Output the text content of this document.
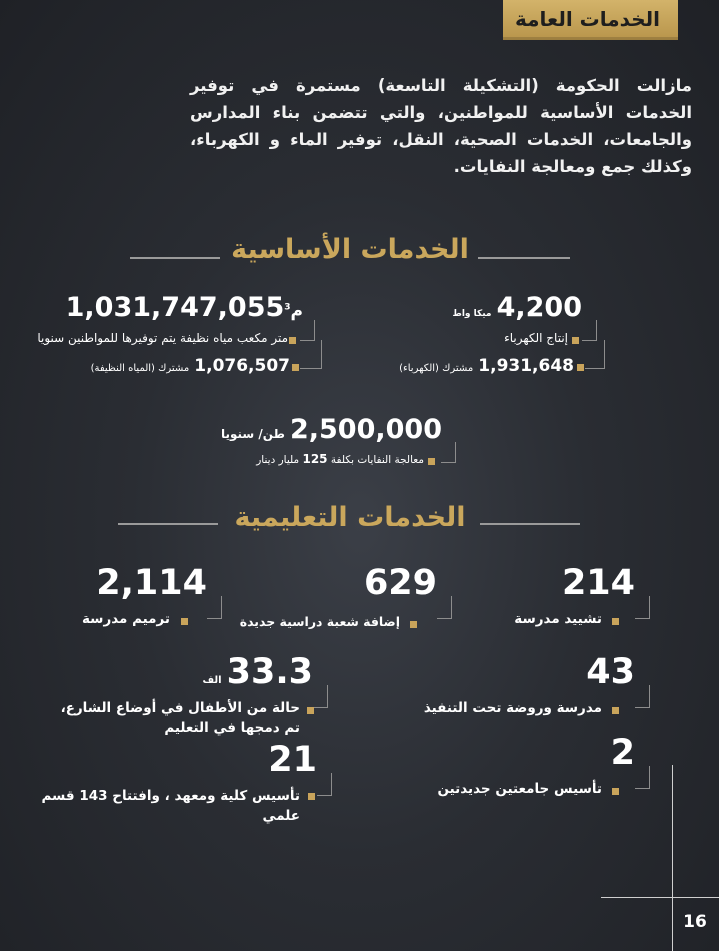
الخدمات العامة
مازالت الحكومة (التشكيلة التاسعة) مستمرة في توفير الخدمات الأساسية للمواطنين، والتي تتضمن بناء المدارس والجامعات، الخدمات الصحية، النقل، توفير الماء و الكهرباء، وكذلك جمع ومعالجة النفايات.
الخدمات الأساسية
1,031,747,055 م$^3$
متر مكعب مياه نظيفة يتم توفيرها للمواطنين سنويا
1,076,507 مشترك (المياه النظيفة)
4,200 ميكا واط
إنتاج الكهرباء
1,931,648 مشترك (الكهرباء)
2,500,000 طن/ سنويا
معالجة النفايات بكلفة 125 مليار دينار
الخدمات التعليمية
214
تشييد مدرسة
629
إضافة شعبة دراسية جديدة
2,114
ترميم مدرسة
43
مدرسة وروضة تحت التنفيذ
33.3 الف
حالة من الأطفال في أوضاع الشارع،
تم دمجها في التعليم
2
تأسيس جامعتين جديدتين
21
تأسيس كلية ومعهد ، وافتتاح 143 قسم
علمي
16
